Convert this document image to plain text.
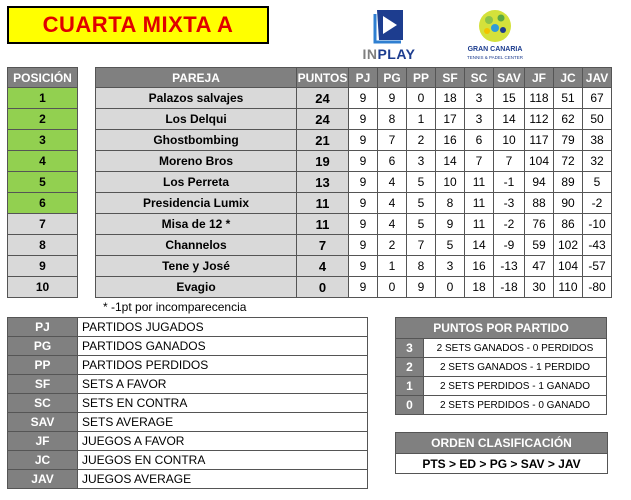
CUARTA MIXTA A
INPLAY	GRAN CANARIA
TENNIS & PADEL CENTER
POSICIÓN		PAREJA	PUNTOS	PJ	PG	PP	SF	SC	SAV	JF	JC	JAV
1		Palazos salvajes	24	9	9	0	18	3	15	118	51	67
2		Los Delqui	24	9	8	1	17	3	14	112	62	50
3		Ghostbombing	21	9	7	2	16	6	10	117	79	38
4		Moreno Bros	19	9	6	3	14	7	7	104	72	32
5		Los Perreta	13	9	4	5	10	11	-1	94	89	5
6		Presidencia Lumix	11	9	4	5	8	11	-3	88	90	-2
7		Misa de 12 *	11	9	4	5	9	11	-2	76	86	-10
8		Channelos	7	9	2	7	5	14	-9	59	102	-43
9		Tene y José	4	9	1	8	3	16	-13	47	104	-57
10		Evagio	0	9	0	9	0	18	-18	30	110	-80
* -1pt por incomparecencia
PJ	PARTIDOS JUGADOS
PG	PARTIDOS GANADOS
PP	PARTIDOS PERDIDOS
SF	SETS A FAVOR
SC	SETS EN CONTRA
SAV	SETS AVERAGE
JF	JUEGOS A FAVOR
JC	JUEGOS EN CONTRA
JAV	JUEGOS AVERAGE
PUNTOS POR PARTIDO	
3	2 SETS GANADOS - 0 PERDIDOS
2	2 SETS GANADOS - 1 PERDIDO
1	2 SETS PERDIDOS - 1 GANADO
0	2 SETS PERDIDOS - 0 GANADO
ORDEN CLASIFICACIÓN
PTS > ED > PG > SAV > JAV
